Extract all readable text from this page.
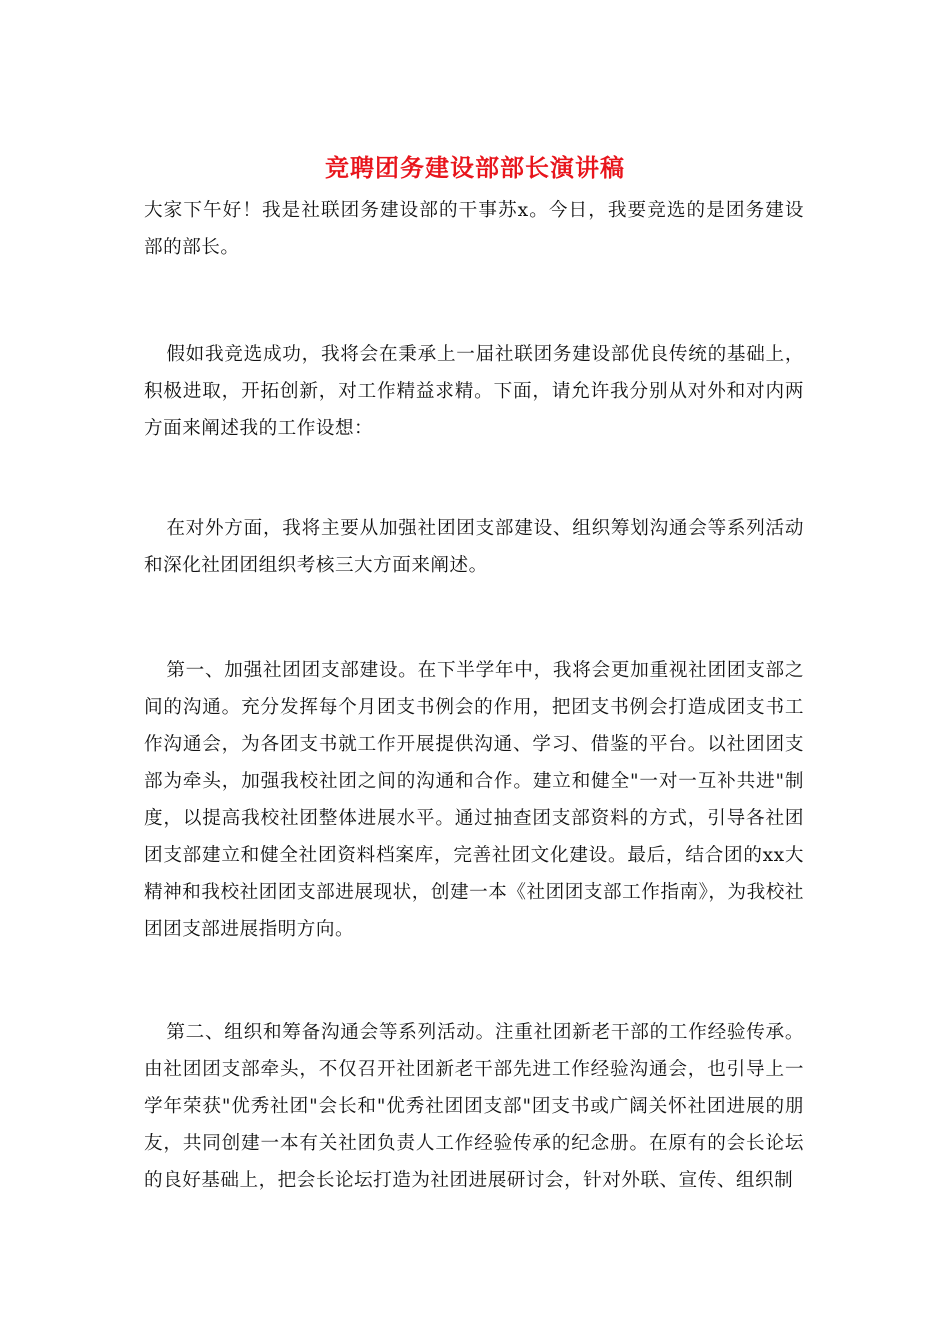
竞聘团务建设部部长演讲稿

大家下午好！我是社联团务建设部的干事苏x。今日，我要竞选的是团务建设部的部长。

假如我竞选成功，我将会在秉承上一届社联团务建设部优良传统的基础上，积极进取，开拓创新，对工作精益求精。下面，请允许我分别从对外和对内两方面来阐述我的工作设想：

在对外方面，我将主要从加强社团团支部建设、组织筹划沟通会等系列活动和深化社团团组织考核三大方面来阐述。

第一、加强社团团支部建设。在下半学年中，我将会更加重视社团团支部之间的沟通。充分发挥每个月团支书例会的作用，把团支书例会打造成团支书工作沟通会，为各团支书就工作开展提供沟通、学习、借鉴的平台。以社团团支部为牵头，加强我校社团之间的沟通和合作。建立和健全"一对一互补共进"制度，以提高我校社团整体进展水平。通过抽查团支部资料的方式，引导各社团团支部建立和健全社团资料档案库，完善社团文化建设。最后，结合团的xx大精神和我校社团团支部进展现状，创建一本《社团团支部工作指南》，为我校社团团支部进展指明方向。

第二、组织和筹备沟通会等系列活动。注重社团新老干部的工作经验传承。由社团团支部牵头，不仅召开社团新老干部先进工作经验沟通会，也引导上一学年荣获"优秀社团"会长和"优秀社团团支部"团支书或广阔关怀社团进展的朋友，共同创建一本有关社团负责人工作经验传承的纪念册。在原有的会长论坛的良好基础上，把会长论坛打造为社团进展研讨会，针对外联、宣传、组织制
